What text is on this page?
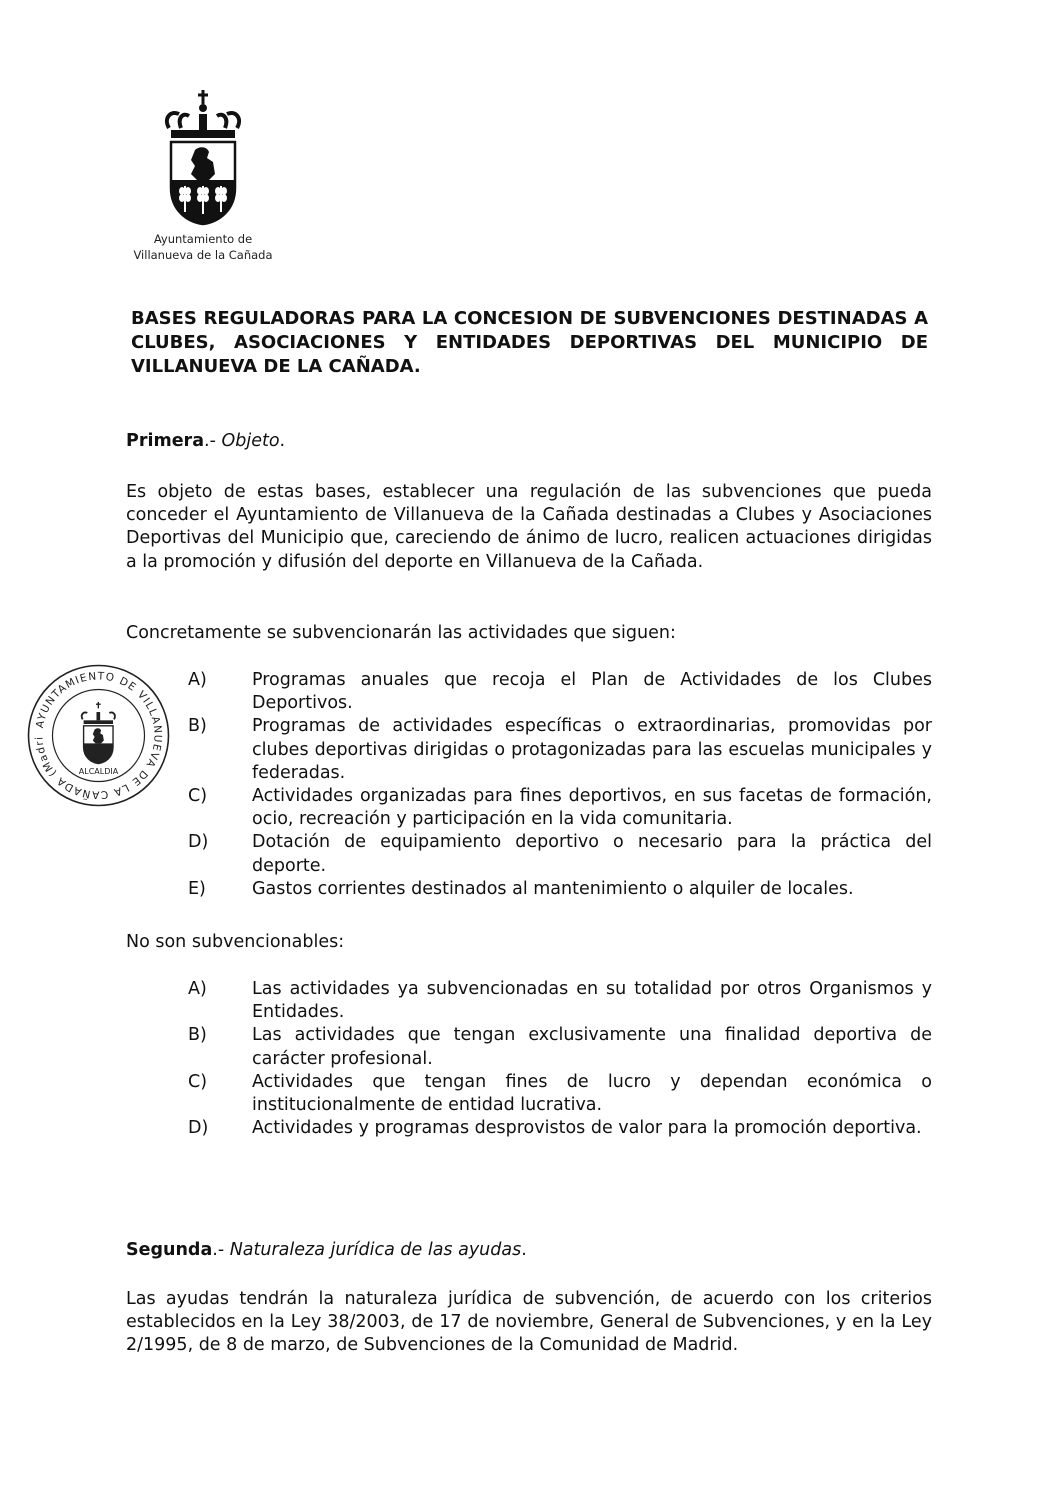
Ayuntamiento de
Villanueva de la Cañada
BASES REGULADORAS PARA LA CONCESION DE SUBVENCIONES DESTINADAS A CLUBES, ASOCIACIONES Y ENTIDADES DEPORTIVAS DEL MUNICIPIO DE VILLANUEVA DE LA CAÑADA.
Primera.- Objeto.

Es objeto de estas bases, establecer una regulación de las subvenciones que pueda conceder el Ayuntamiento de Villanueva de la Cañada destinadas a Clubes y Asociaciones Deportivas del Municipio que, careciendo de ánimo de lucro, realicen actuaciones dirigidas a la promoción y difusión del deporte en Villanueva de la Cañada.

Concretamente se subvencionarán las actividades que siguen:

A)	Programas anuales que recoja el Plan de Actividades de los Clubes Deportivos.
B)	Programas de actividades específicas o extraordinarias, promovidas por clubes deportivas dirigidas o protagonizadas para las escuelas municipales y federadas.
C)	Actividades organizadas para fines deportivos, en sus facetas de formación, ocio, recreación y participación en la vida comunitaria.
D)	Dotación de equipamiento deportivo o necesario para la práctica del deporte.
E)	Gastos corrientes destinados al mantenimiento o alquiler de locales.

No son subvencionables:

A)	Las actividades ya subvencionadas en su totalidad por otros Organismos y Entidades.
B)	Las actividades que tengan exclusivamente una finalidad deportiva de carácter profesional.
C)	Actividades que tengan fines de lucro y dependan económica o institucionalmente de entidad lucrativa.
D)	Actividades y programas desprovistos de valor para la promoción deportiva.
Segunda.- Naturaleza jurídica de las ayudas.

Las ayudas tendrán la naturaleza jurídica de subvención, de acuerdo con los criterios establecidos en la Ley 38/2003, de 17 de noviembre, General de Subvenciones, y en la Ley 2/1995, de 8 de marzo, de Subvenciones de la Comunidad de Madrid.

AYUNTAMIENTO DE VILLANUEVA DE LA CAÑADA (Madri
ALCALDIA
